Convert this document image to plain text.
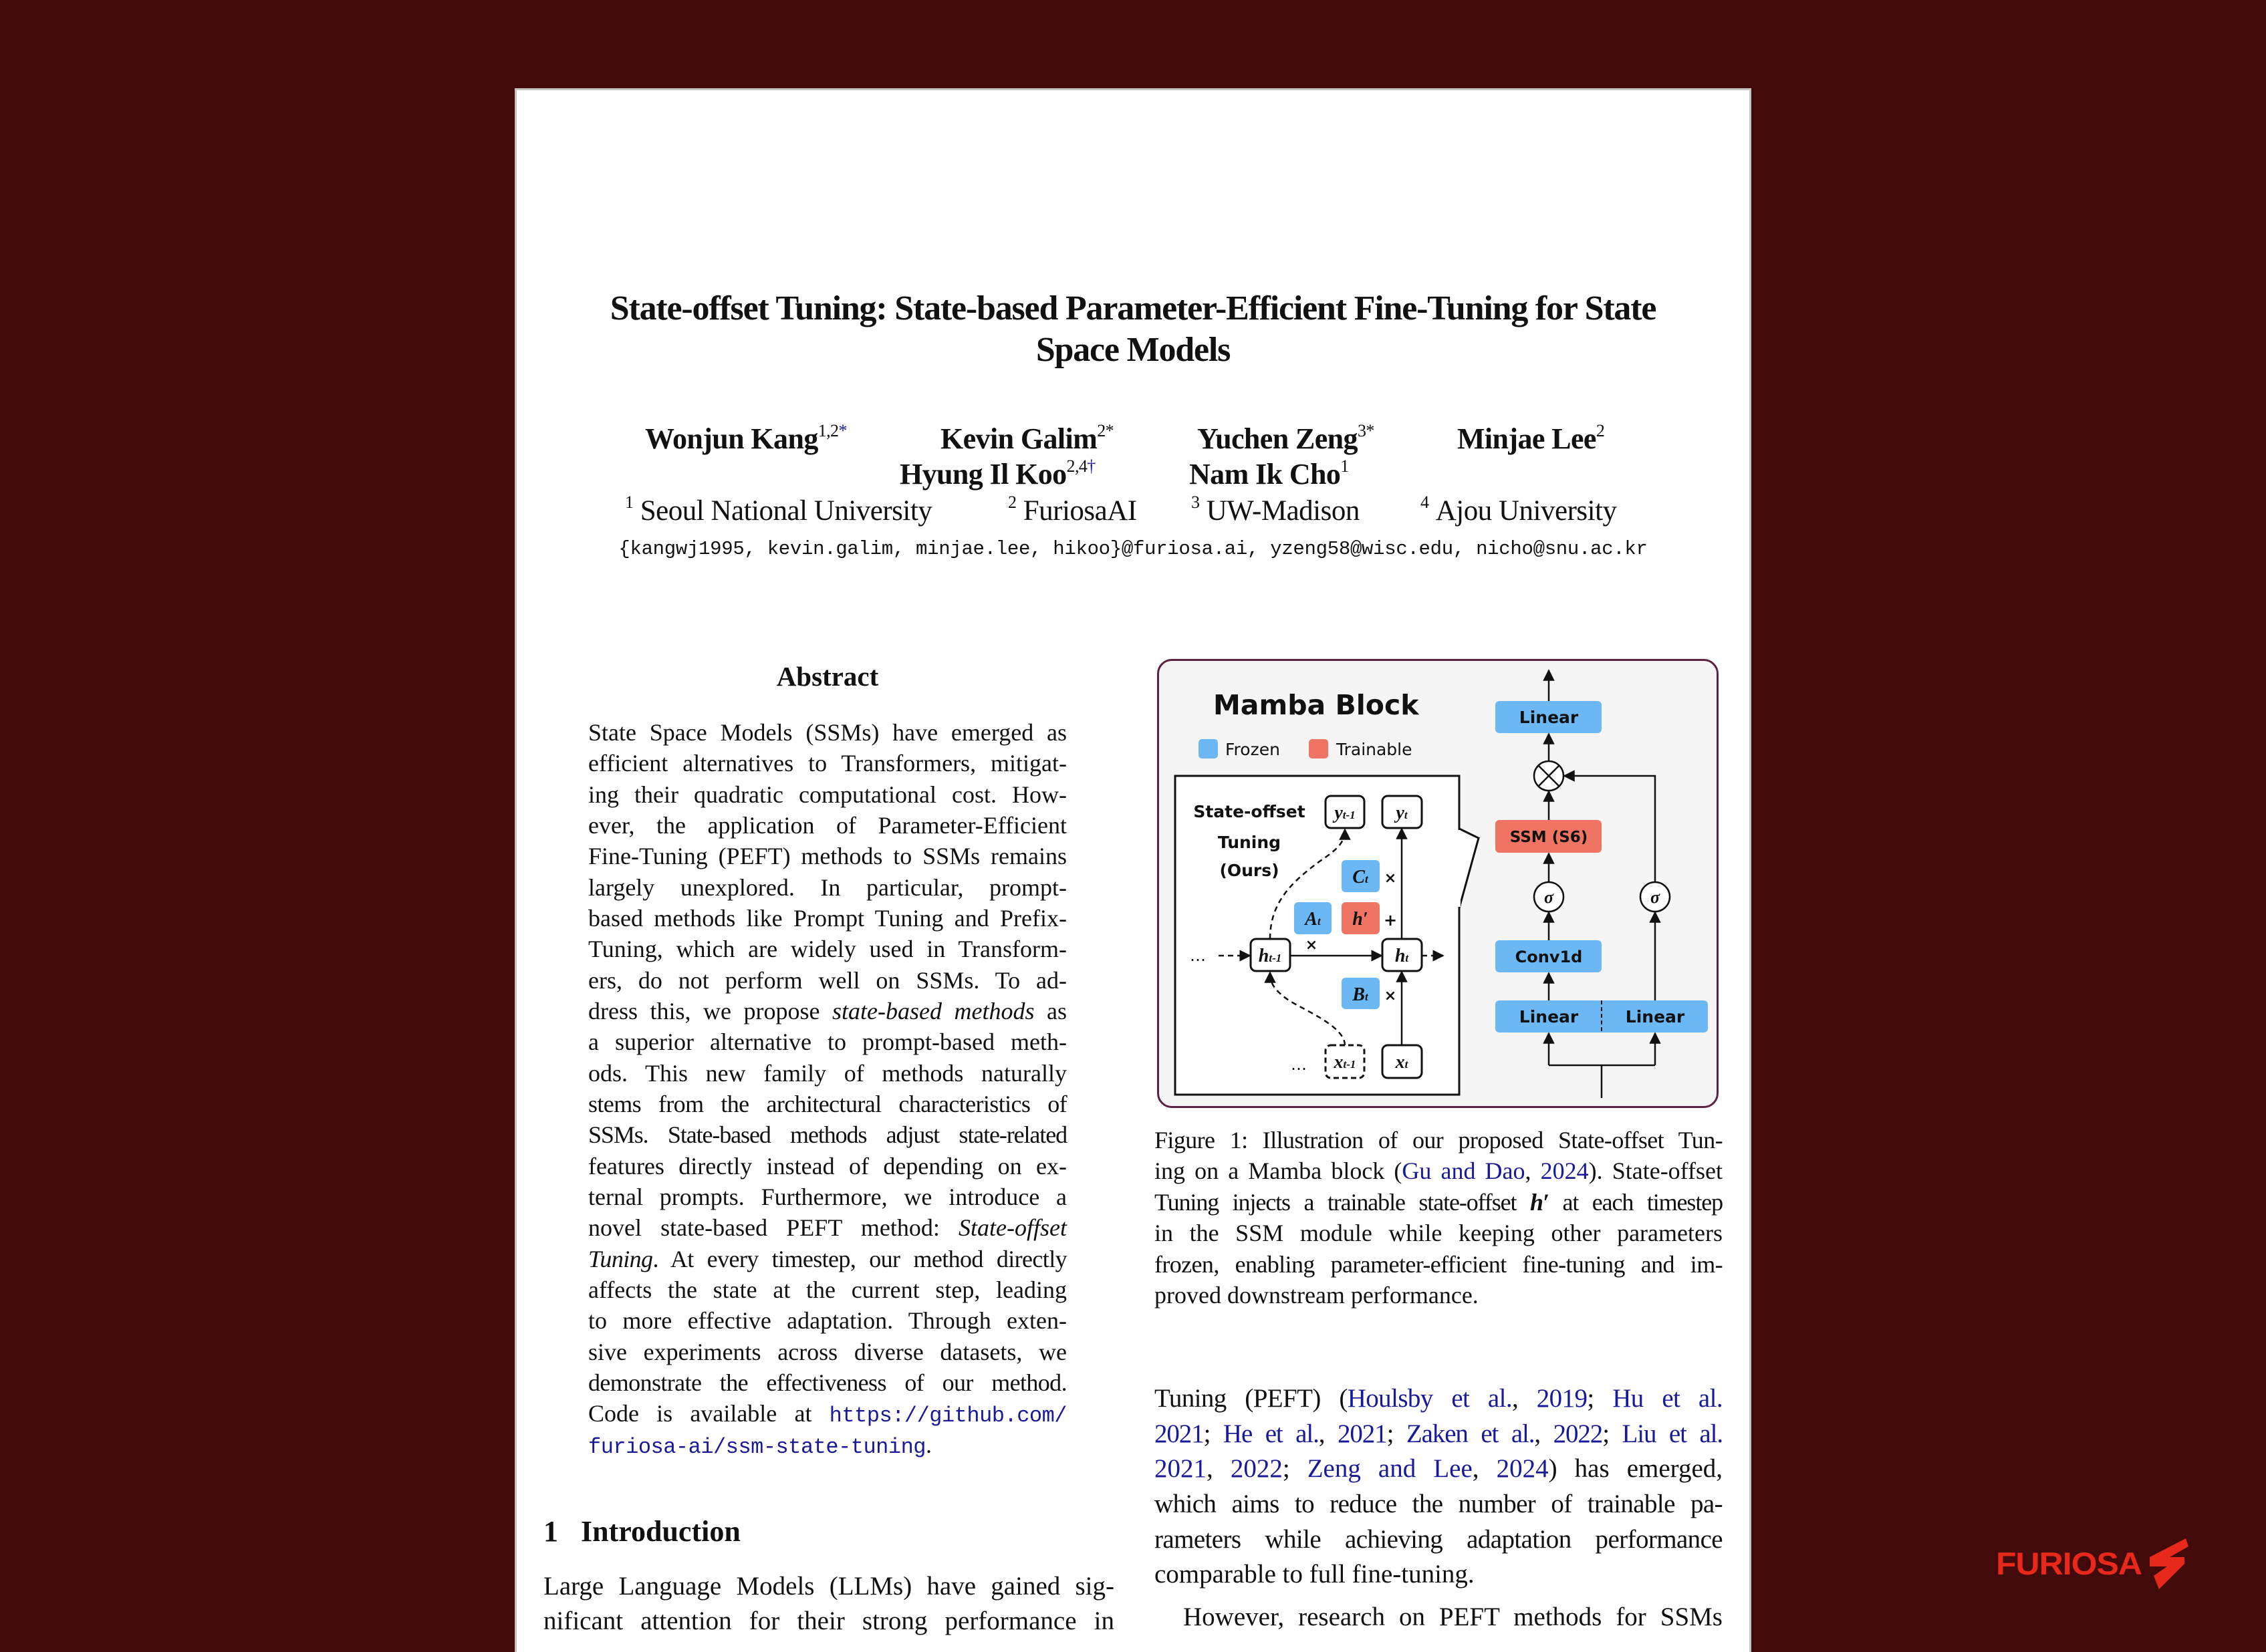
State-offset Tuning: State-based Parameter-Efficient Fine-Tuning for State
Space Models
Wonjun Kang$^{1,2*}$	Kevin Galim$^{2*}$	Yuchen Zeng$^{3*}$	Minjae Lee$^2$
Hyung Il Koo$^{2,4\dagger}$	Nam Ik Cho$^1$
$^1$ Seoul National University	$^2$ FuriosaAI	$^3$ UW-Madison	$^4$ Ajou University
{kangwj1995, kevin.galim, minjae.lee, hikoo}@furiosa.ai, yzeng58@wisc.edu, nicho@snu.ac.kr
Abstract
State Space Models (SSMs) have emerged as
efficient alternatives to Transformers, mitigat-
ing their quadratic computational cost. How-
ever, the application of Parameter-Efficient
Fine-Tuning (PEFT) methods to SSMs remains
largely unexplored. In particular, prompt-
based methods like Prompt Tuning and Prefix-
Tuning, which are widely used in Transform-
ers, do not perform well on SSMs. To ad-
dress this, we propose state-based methods as
a superior alternative to prompt-based meth-
ods. This new family of methods naturally
stems from the architectural characteristics of
SSMs. State-based methods adjust state-related
features directly instead of depending on ex-
ternal prompts. Furthermore, we introduce a
novel state-based PEFT method: State-offset
Tuning. At every timestep, our method directly
affects the state at the current step, leading
to more effective adaptation. Through exten-
sive experiments across diverse datasets, we
demonstrate the effectiveness of our method.
Code is available at https://github.com/
furiosa-ai/ssm-state-tuning.
1 Introduction
Large Language Models (LLMs) have gained sig-
nificant attention for their strong performance in
Mamba Block
Frozen	Trainable
State-offset
Tuning
(Ours)
yt-1 yt
Ct ×
At h′ +
×
Bt ×
ht-1	ht
xt-1 xt
…
…
Linear
SSM (S6)
σ
Conv1d
Linear	Linear
σ
Figure 1: Illustration of our proposed State-offset Tun-
ing on a Mamba block (Gu and Dao, 2024). State-offset
Tuning injects a trainable state-offset h′ at each timestep
in the SSM module while keeping other parameters
frozen, enabling parameter-efficient fine-tuning and im-
proved downstream performance.
Tuning (PEFT) (Houlsby et al., 2019; Hu et al.
2021; He et al., 2021; Zaken et al., 2022; Liu et al.
2021, 2022; Zeng and Lee, 2024) has emerged,
which aims to reduce the number of trainable pa-
rameters while achieving adaptation performance
comparable to full fine-tuning.
However, research on PEFT methods for SSMs
FURIOSA
